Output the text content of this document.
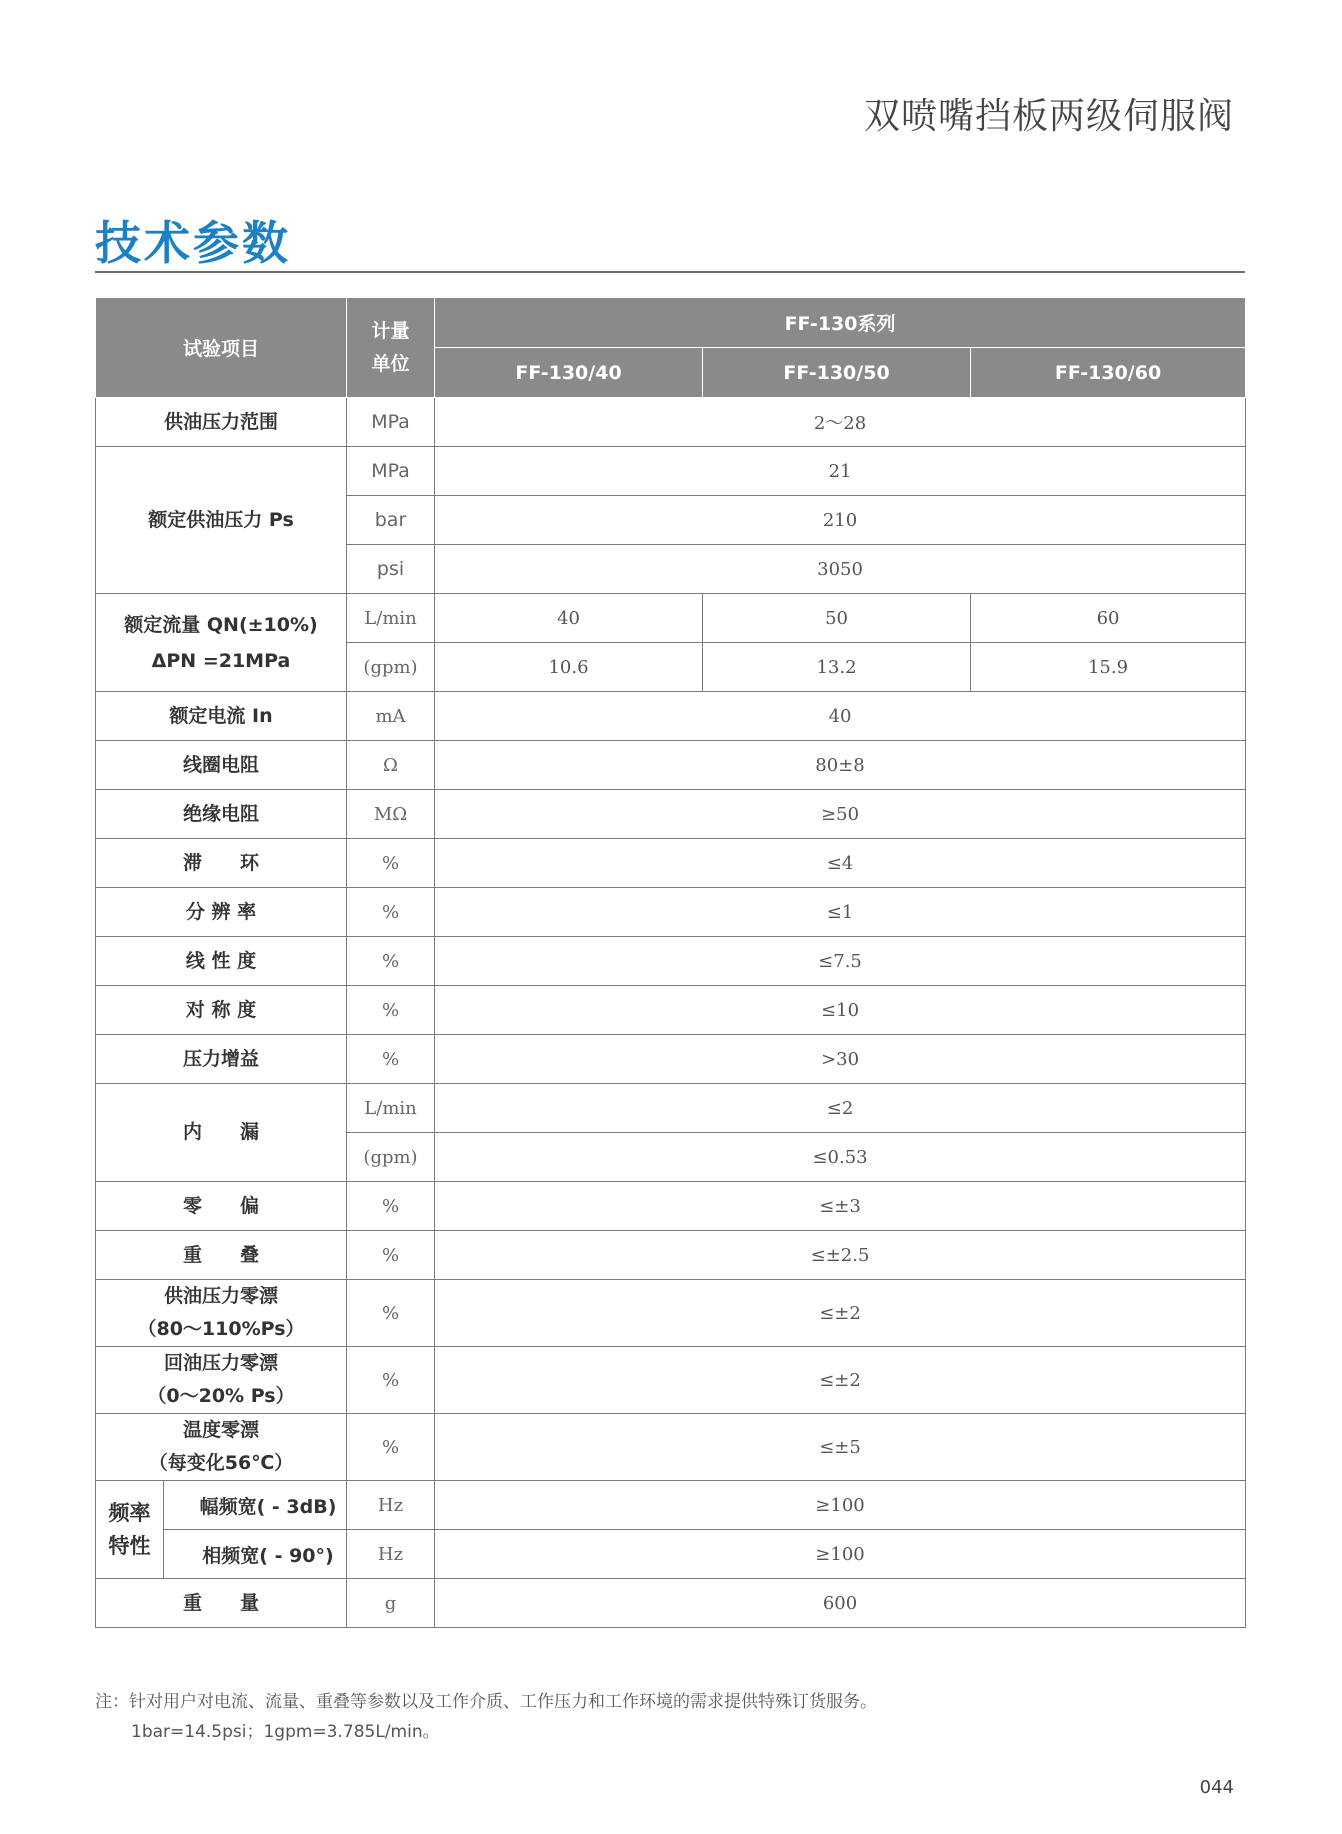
双喷嘴挡板两级伺服阀
技术参数
试验项目		计量单位	FF-130系列		
			FF-130/40	FF-130/50	FF-130/60
供油压力范围		MPa	2～28		
额定供油压力 Ps		MPa	21		
		bar	210		
		psi	3050		
额定流量 QN(±10%)
ΔPN =21MPa		L/min	40	50	60
		(gpm)	10.6	13.2	15.9
额定电流 In		mA	40		
线圈电阻		Ω	80±8		
绝缘电阻		MΩ	≥50		
滞　　环		%	≤4		
分 辨 率		%	≤1		
线 性 度		%	≤7.5		
对 称 度		%	≤10		
压力增益		%	>30		
内　　漏		L/min	≤2		
		(gpm)	≤0.53		
零　　偏		%	≤±3		
重　　叠		%	≤±2.5		
供油压力零漂
（80～110%Ps）		%	≤±2		
回油压力零漂
（0～20% Ps）		%	≤±2		
温度零漂
（每变化56℃）		%	≤±5		
频率
特性	幅频宽( - 3dB)	Hz	≥100		
	相频宽( - 90°)	Hz	≥100		
重　　量		g	600		
注：针对用户对电流、流量、重叠等参数以及工作介质、工作压力和工作环境的需求提供特殊订货服务。
1bar=14.5psi；1gpm=3.785L/min。
044
